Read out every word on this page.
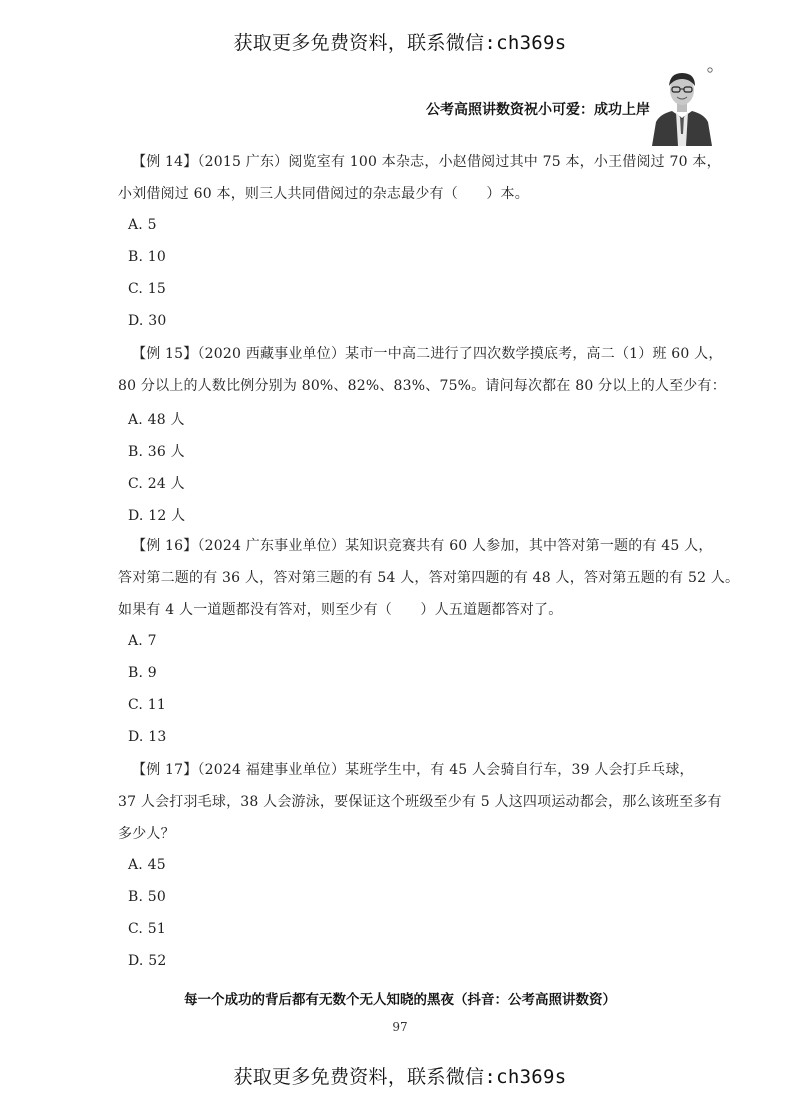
获取更多免费资料，联系微信:ch369s
公考高照讲数资祝小可爱：成功上岸
【例 14】（2015 广东）阅览室有 100 本杂志，小赵借阅过其中 75 本，小王借阅过 70 本，
小刘借阅过 60 本，则三人共同借阅过的杂志最少有（　　）本。
A. 5
B. 10
C. 15
D. 30
【例 15】（2020 西藏事业单位）某市一中高二进行了四次数学摸底考，高二（1）班 60 人，
80 分以上的人数比例分别为 80%、82%、83%、75%。请问每次都在 80 分以上的人至少有：
A. 48 人
B. 36 人
C. 24 人
D. 12 人
【例 16】（2024 广东事业单位）某知识竞赛共有 60 人参加，其中答对第一题的有 45 人，
答对第二题的有 36 人，答对第三题的有 54 人，答对第四题的有 48 人，答对第五题的有 52 人。
如果有 4 人一道题都没有答对，则至少有（　　）人五道题都答对了。
A. 7
B. 9
C. 11
D. 13
【例 17】（2024 福建事业单位）某班学生中，有 45 人会骑自行车，39 人会打乒乓球，
37 人会打羽毛球，38 人会游泳，要保证这个班级至少有 5 人这四项运动都会，那么该班至多有
多少人？
A. 45
B. 50
C. 51
D. 52
每一个成功的背后都有无数个无人知晓的黑夜（抖音：公考高照讲数资）
97
获取更多免费资料，联系微信:ch369s
